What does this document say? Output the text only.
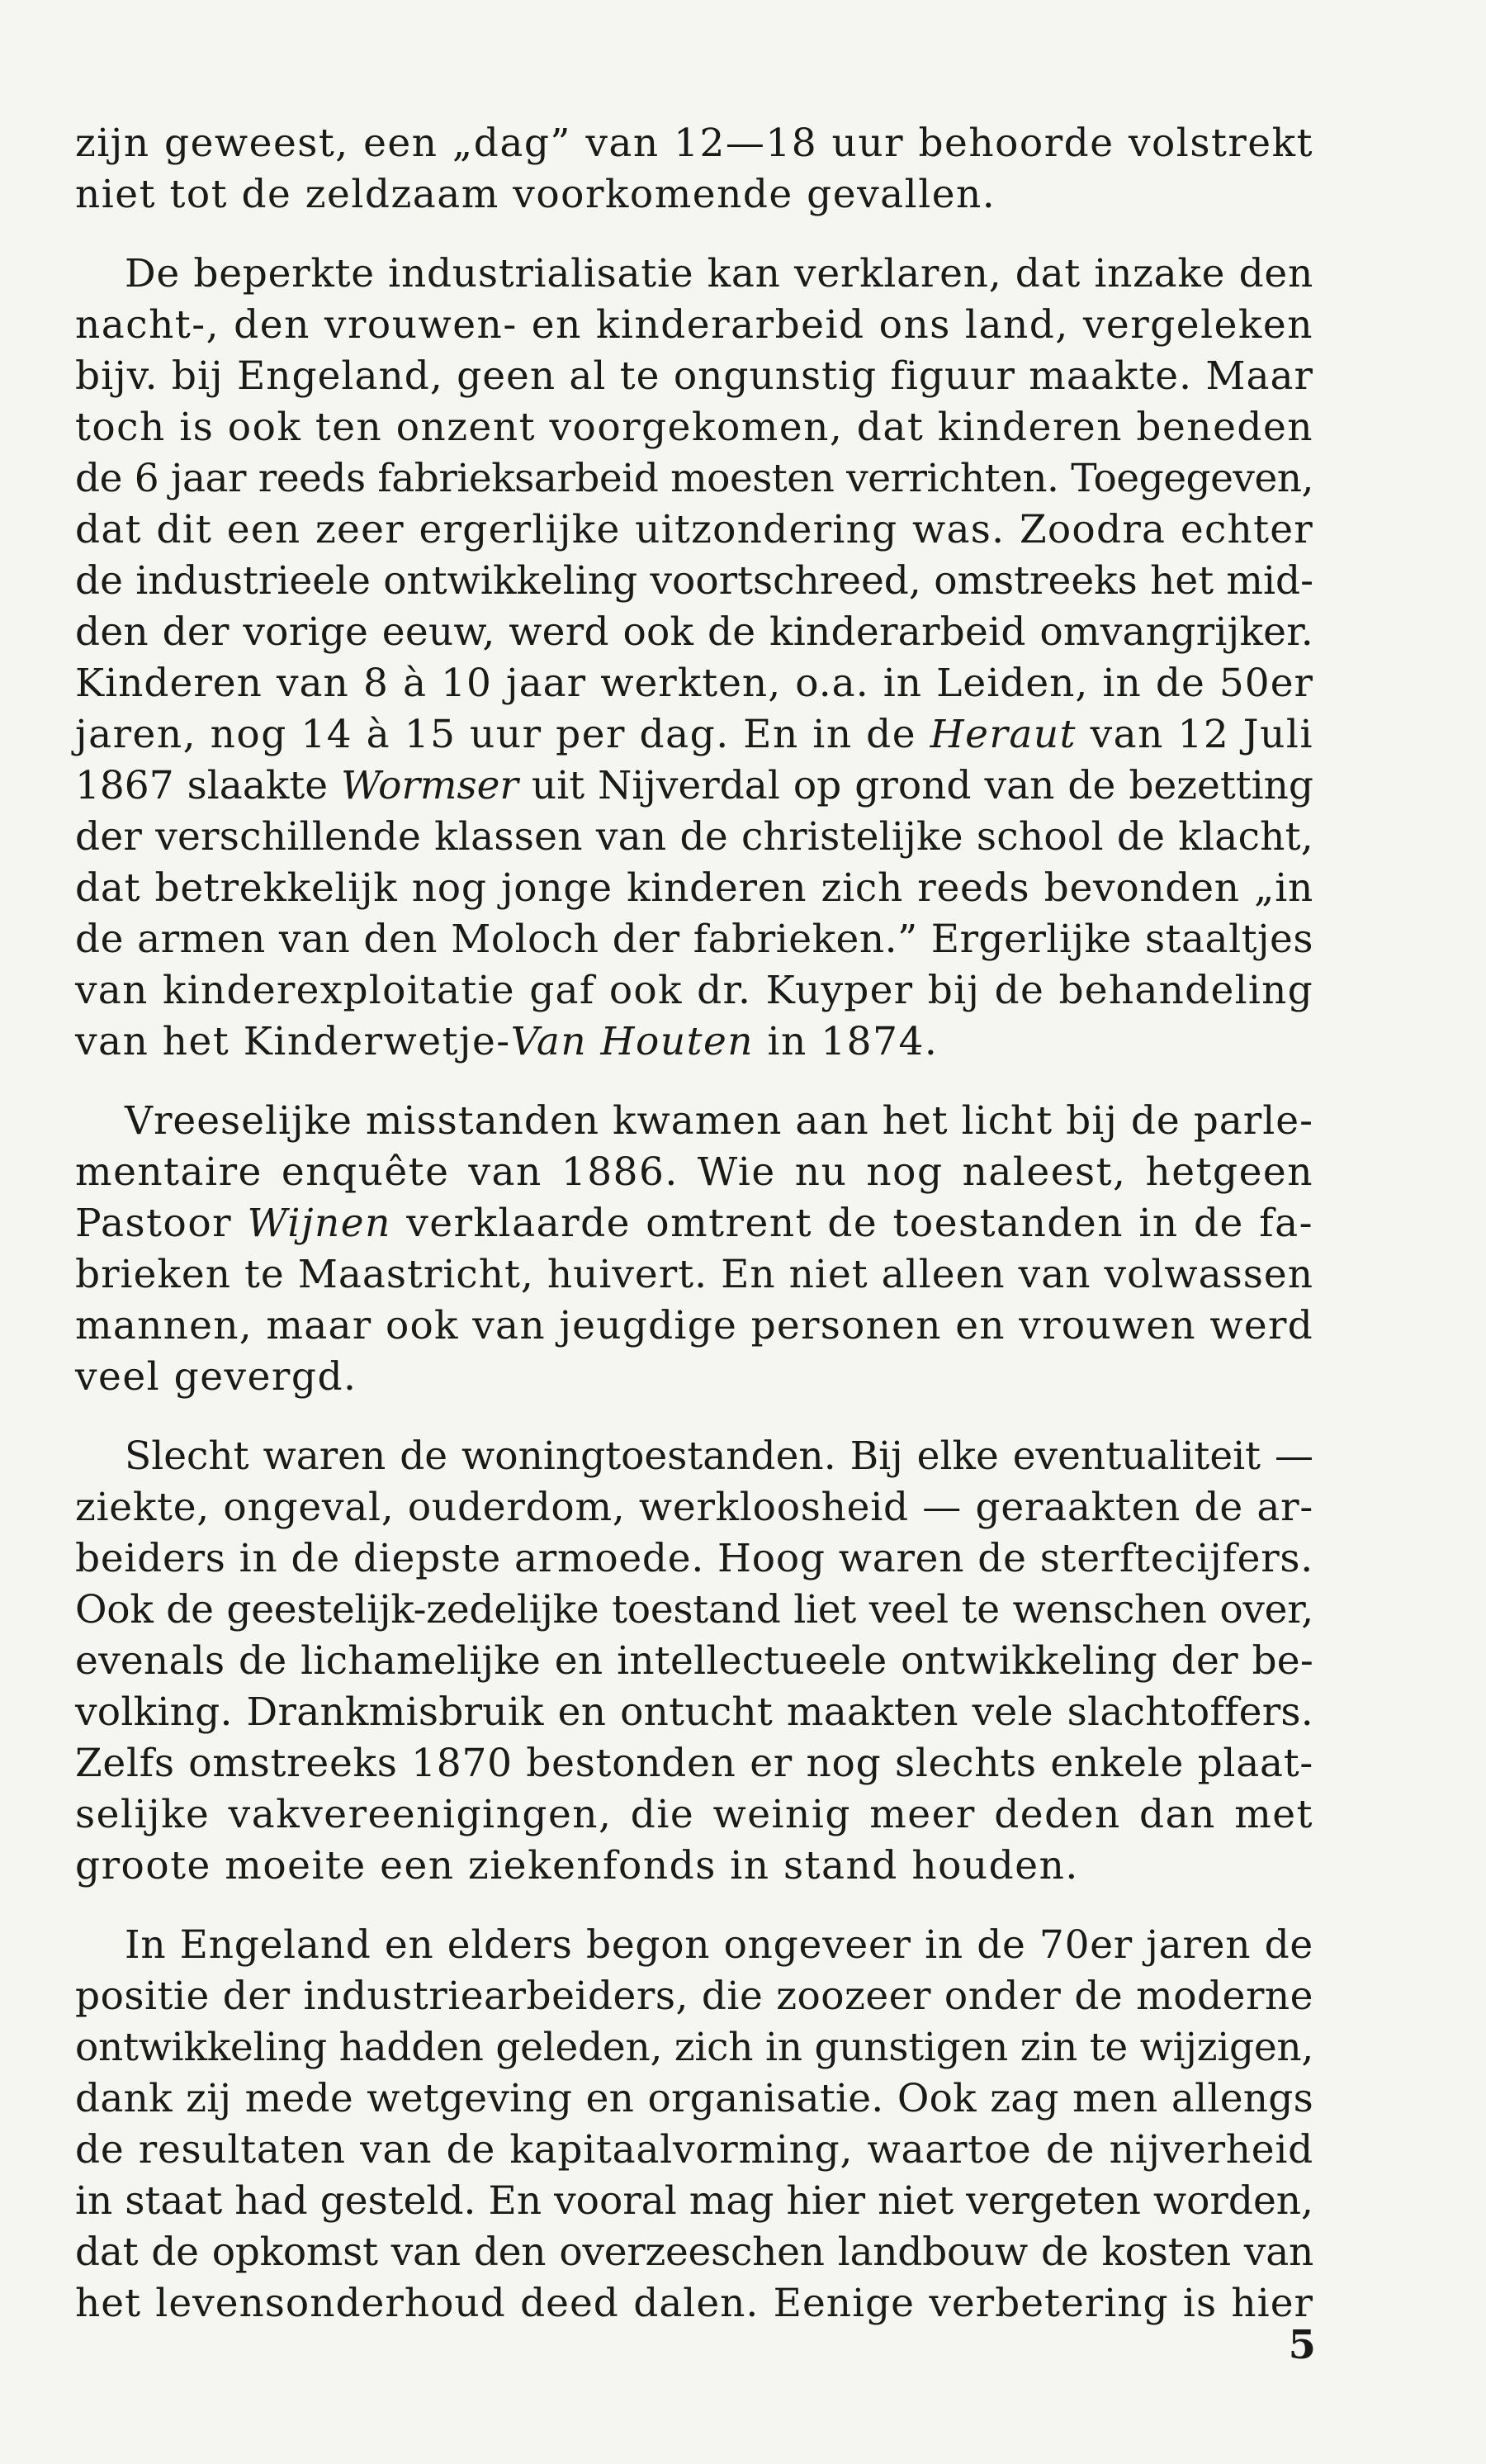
zijn geweest, een „dag” van 12—18 uur behoorde volstrekt
niet tot de zeldzaam voorkomende gevallen.

De beperkte industrialisatie kan verklaren, dat inzake den
nacht-, den vrouwen- en kinderarbeid ons land, vergeleken
bijv. bij Engeland, geen al te ongunstig figuur maakte. Maar
toch is ook ten onzent voorgekomen, dat kinderen beneden
de 6 jaar reeds fabrieksarbeid moesten verrichten. Toegegeven,
dat dit een zeer ergerlijke uitzondering was. Zoodra echter
de industrieele ontwikkeling voortschreed, omstreeks het mid-
den der vorige eeuw, werd ook de kinderarbeid omvangrijker.
Kinderen van 8 à 10 jaar werkten, o.a. in Leiden, in de 50er
jaren, nog 14 à 15 uur per dag. En in de Heraut van 12 Juli
1867 slaakte Wormser uit Nijverdal op grond van de bezetting
der verschillende klassen van de christelijke school de klacht,
dat betrekkelijk nog jonge kinderen zich reeds bevonden „in
de armen van den Moloch der fabrieken.” Ergerlijke staaltjes
van kinderexploitatie gaf ook dr. Kuyper bij de behandeling
van het Kinderwetje-Van Houten in 1874.

Vreeselijke misstanden kwamen aan het licht bij de parle-
mentaire enquête van 1886. Wie nu nog naleest, hetgeen
Pastoor Wijnen verklaarde omtrent de toestanden in de fa-
brieken te Maastricht, huivert. En niet alleen van volwassen
mannen, maar ook van jeugdige personen en vrouwen werd
veel gevergd.

Slecht waren de woningtoestanden. Bij elke eventualiteit —
ziekte, ongeval, ouderdom, werkloosheid — geraakten de ar-
beiders in de diepste armoede. Hoog waren de sterftecijfers.
Ook de geestelijk-zedelijke toestand liet veel te wenschen over,
evenals de lichamelijke en intellectueele ontwikkeling der be-
volking. Drankmisbruik en ontucht maakten vele slachtoffers.
Zelfs omstreeks 1870 bestonden er nog slechts enkele plaat-
selijke vakvereenigingen, die weinig meer deden dan met
groote moeite een ziekenfonds in stand houden.

In Engeland en elders begon ongeveer in de 70er jaren de
positie der industriearbeiders, die zoozeer onder de moderne
ontwikkeling hadden geleden, zich in gunstigen zin te wijzigen,
dank zij mede wetgeving en organisatie. Ook zag men allengs
de resultaten van de kapitaalvorming, waartoe de nijverheid
in staat had gesteld. En vooral mag hier niet vergeten worden,
dat de opkomst van den overzeeschen landbouw de kosten van
het levensonderhoud deed dalen. Eenige verbetering is hier

5
